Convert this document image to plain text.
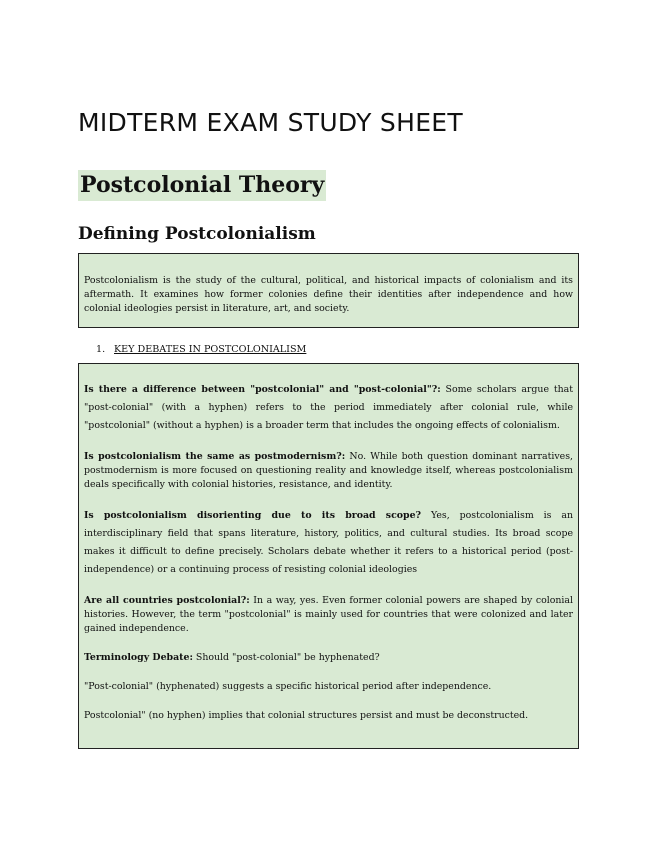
MIDTERM EXAM STUDY SHEET
Postcolonial Theory
Defining Postcolonialism

Postcolonialism is the study of the cultural, political, and historical impacts of colonialism and its aftermath. It examines how former colonies define their identities after independence and how colonial ideologies persist in literature, art, and society.

1. KEY DEBATES IN POSTCOLONIALISM

Is there a difference between "postcolonial" and "post-colonial"?: Some scholars argue that "post-colonial" (with a hyphen) refers to the period immediately after colonial rule, while "postcolonial" (without a hyphen) is a broader term that includes the ongoing effects of colonialism.

Is postcolonialism the same as postmodernism?: No. While both question dominant narratives, postmodernism is more focused on questioning reality and knowledge itself, whereas postcolonialism deals specifically with colonial histories, resistance, and identity.

Is postcolonialism disorienting due to its broad scope? Yes, postcolonialism is an interdisciplinary field that spans literature, history, politics, and cultural studies. Its broad scope makes it difficult to define precisely. Scholars debate whether it refers to a historical period (post-independence) or a continuing process of resisting colonial ideologies

Are all countries postcolonial?: In a way, yes. Even former colonial powers are shaped by colonial histories. However, the term "postcolonial" is mainly used for countries that were colonized and later gained independence.

Terminology Debate: Should "post-colonial" be hyphenated?

"Post-colonial" (hyphenated) suggests a specific historical period after independence.

Postcolonial" (no hyphen) implies that colonial structures persist and must be deconstructed.
